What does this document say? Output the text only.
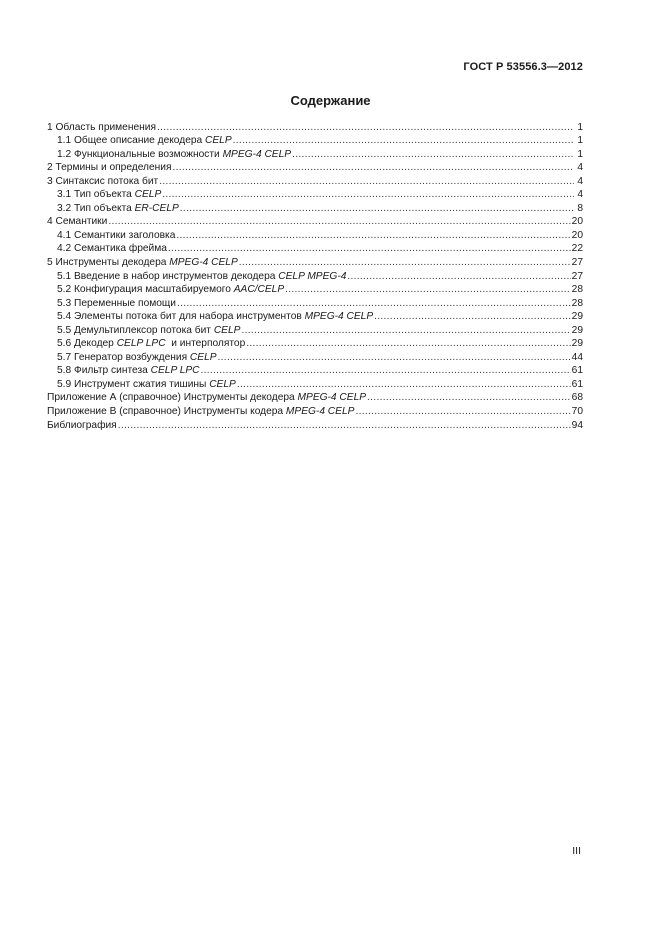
ГОСТ Р 53556.3—2012
Содержание
1 Область применения .....	1
1.1 Общее описание декодера CELP .....	1
1.2 Функциональные возможности MPEG-4 CELP .....	1
2 Термины и определения .....	4
3 Синтаксис потока бит .....	4
3.1 Тип объекта CELP .....	4
3.2 Тип объекта ER-CELP .....	8
4 Семантики .....	20
4.1 Семантики заголовка .....	20
4.2 Семантика фрейма .....	22
5 Инструменты декодера MPEG-4 CELP .....	27
5.1 Введение в набор инструментов декодера CELP MPEG-4 .....	27
5.2 Конфигурация масштабируемого AAC/CELP .....	28
5.3 Переменные помощи .....	28
5.4 Элементы потока бит для набора инструментов MPEG-4 CELP .....	29
5.5 Демультиплексор потока бит CELP .....	29
5.6 Декодер CELP LPC  и интерполятор .....	29
5.7 Генератор возбуждения CELP .....	44
5.8 Фильтр синтеза CELP LPC .....	61
5.9 Инструмент сжатия тишины CELP .....	61
Приложение А (справочное) Инструменты декодера MPEG-4 CELP .....	68
Приложение В (справочное) Инструменты кодера MPEG-4 CELP .....	70
Библиография .....	94
III
